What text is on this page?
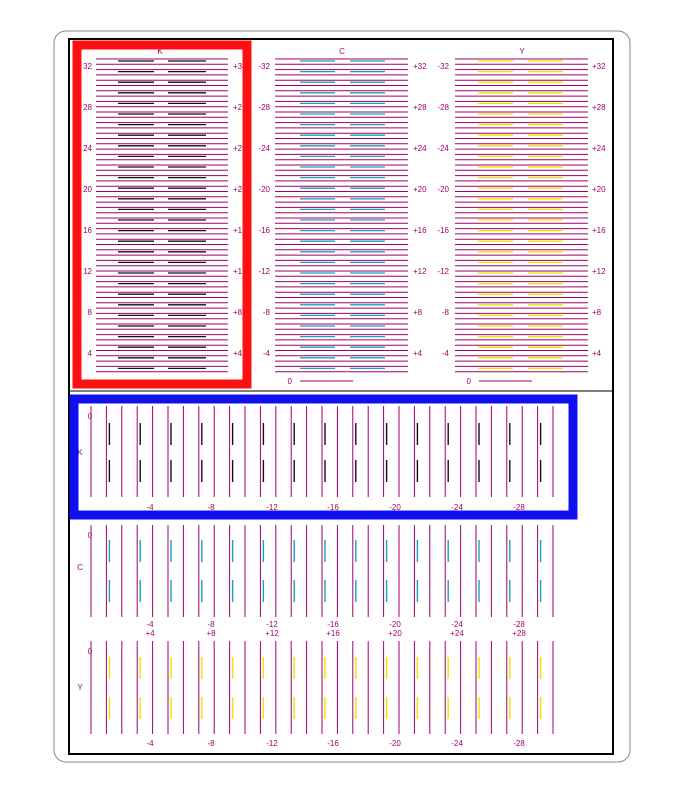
K
32
28
24
20
16
12
8
4
+32
+28
+24
+20
+16
+12
+8
+4
C
-32
-28
-24
-20
-16
-12
-8
-4
+32
+28
+24
+20
+16
+12
+8
+4
0
Y
-32
-28
-24
-20
-16
-12
-8
-4
+32
+28
+24
+20
+16
+12
+8
+4
0
K
0
-4	-8	-12	-16	-20	-24	-28
C
0
-4	-8	-12	-16	-20	-24	-28
Y
0
-4	-8	-12	-16	-20	-24	-28
+4	+8	+12	+16	+20	+24	+28
